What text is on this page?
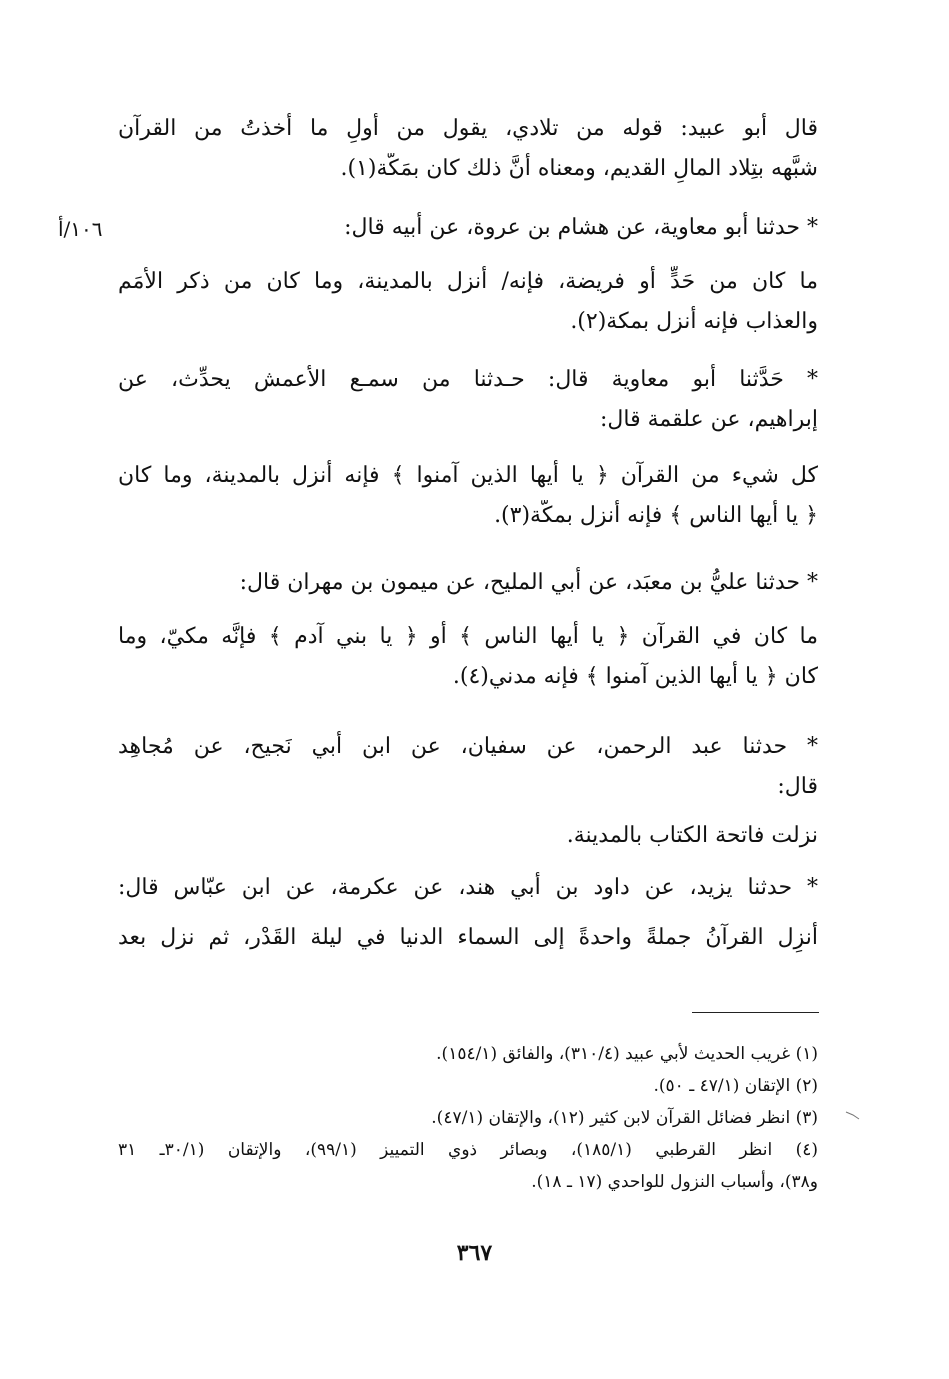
١٠٦/أ
قال أبو عبيد: قوله من تلادي، يقول من أولِ ما أخذتُ من القرآن
شبَّهه بتِلاد المالِ القديم، ومعناه أنَّ ذلك كان بمَكَّة(١).
* حدثنا أبو معاوية، عن هشام بن عروة، عن أبيه قال:
ما كان من حَدٍّ أو فريضة، فإنه/ أُنزل بالمدينة، وما كان من ذكر الأُمَم
والعذاب فإنه أُنزل بمكة(٢).
* حَدَّثنا أبو معاوية قال: حـدثنا من سمـع الأعمش يحدِّث، عن
إبراهيم، عن علقمة قال:
كل شيء من القرآن ﴿ يا أيها الذين آمنوا ﴾ فإنه أُنزل بالمدينة، وما كان
﴿ يا أيها الناس ﴾ فإنه أُنزل بمكَّة(٣).
* حدثنا عليُّ بن معبَد، عن أبي المليح، عن ميمون بن مهران قال:
ما كان في القرآن ﴿ يا أيها الناس ﴾ أو ﴿ يا بني آدم ﴾ فإنَّه مكيّ، وما
كان ﴿ يا أيها الذين آمنوا ﴾ فإنه مدني(٤).
* حدثنا عبد الرحمن، عن سفيان، عن ابن أبي نَجيح، عن مُجاهِد
قال:
نزلت فاتحة الكتاب بالمدينة.
* حدثنا يزيد، عن داود بن أبي هند، عن عكرمة، عن ابن عبّاس قال:
أُنزِل القرآنُ جملةً واحدةً إلى السماء الدنيا في ليلة القَدْر، ثم نزل بعد
(١) غريب الحديث لأبي عبيد (٣١٠/٤)، والفائق (١٥٤/١).
(٢) الإتقان (٤٧/١ ـ ٥٠).
(٣) انظر فضائل القرآن لابن كثير (١٢)، والإتقان (٤٧/١).
(٤) انظر القرطبي (١٨٥/١)، وبصائر ذوي التمييز (٩٩/١)، والإتقان (٣٠/١ـ ٣١
و٣٨)، وأسباب النزول للواحدي (١٧ ـ ١٨).
٣٦٧
